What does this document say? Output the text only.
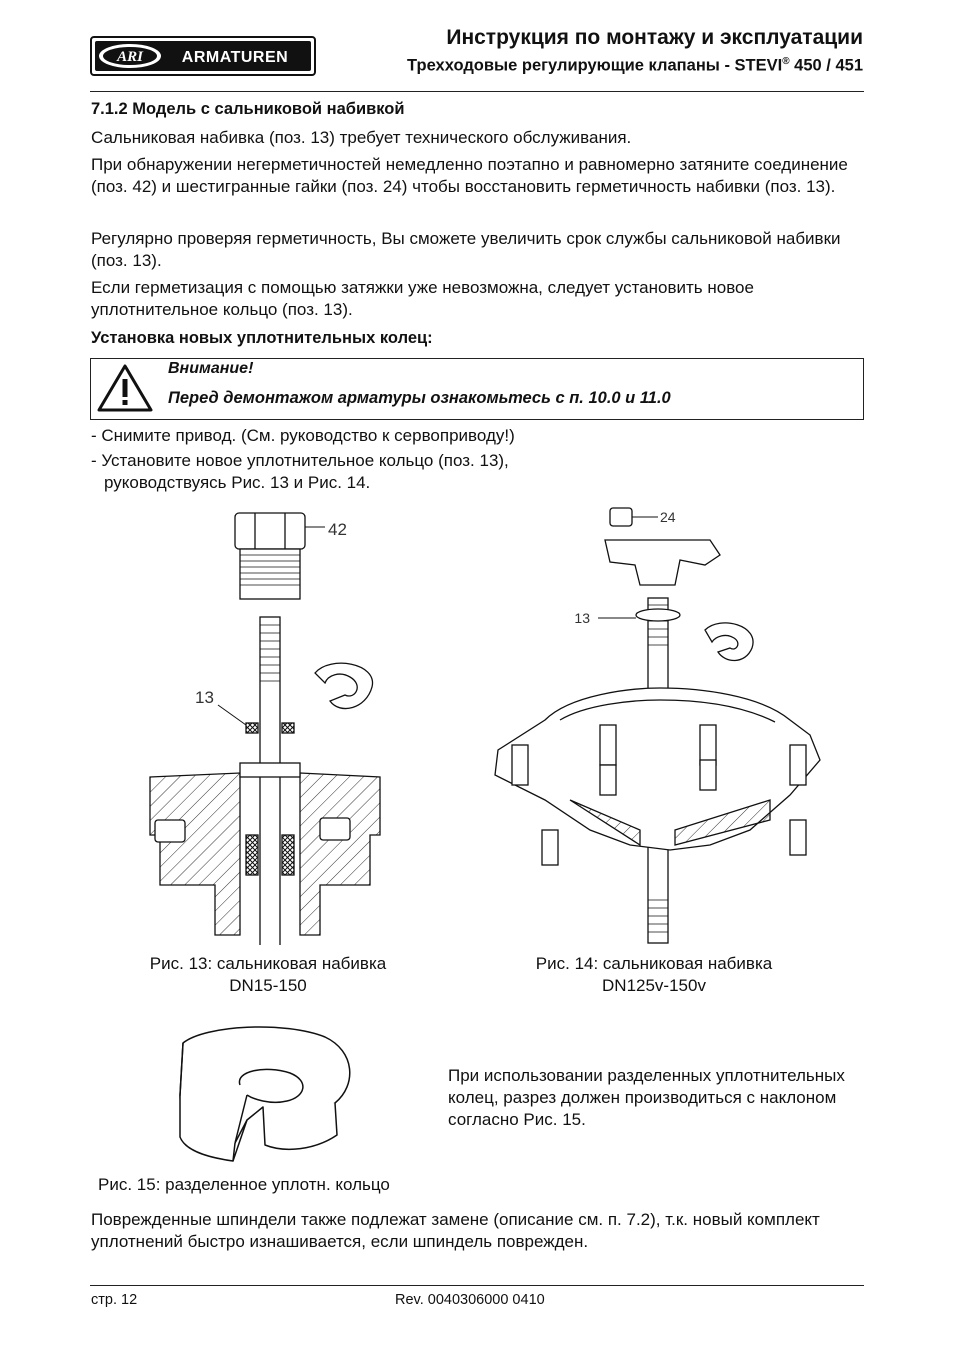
ARI ARMATUREN
Инструкция по монтажу и эксплуатации
Трехходовые регулирующие клапаны - STEVI® 450 / 451
7.1.2 Модель с сальниковой набивкой
Сальниковая набивка (поз. 13) требует технического обслуживания.
При обнаружении негерметичностей немедленно поэтапно и равномерно затяните соединение (поз. 42) и шестигранные гайки (поз. 24) чтобы восстановить герметичность набивки (поз. 13).
Регулярно проверяя герметичность, Вы сможете увеличить срок службы сальниковой набивки (поз. 13).
Если герметизация с помощью затяжки уже невозможна, следует установить новое уплотнительное кольцо (поз. 13).
Установка новых уплотнительных колец:
Внимание!
Перед демонтажом арматуры ознакомьтесь с п. 10.0 и 11.0
- Снимите привод. (См. руководство к сервоприводу!)
- Установите новое уплотнительное кольцо (поз. 13),
руководствуясь Рис. 13 и Рис. 14.
42
13
Рис. 13: сальниковая набивка
DN15-150
24
13
Рис. 14: сальниковая набивка
DN125v-150v
Рис. 15: разделенное уплотн. кольцо
При использовании разделенных уплотнительных колец, разрез должен производиться с наклоном согласно Рис. 15.
Поврежденные шпиндели также подлежат замене (описание см. п. 7.2), т.к. новый комплект уплотнений быстро изнашивается, если шпиндель поврежден.
стр. 12	Rev. 0040306000 0410
